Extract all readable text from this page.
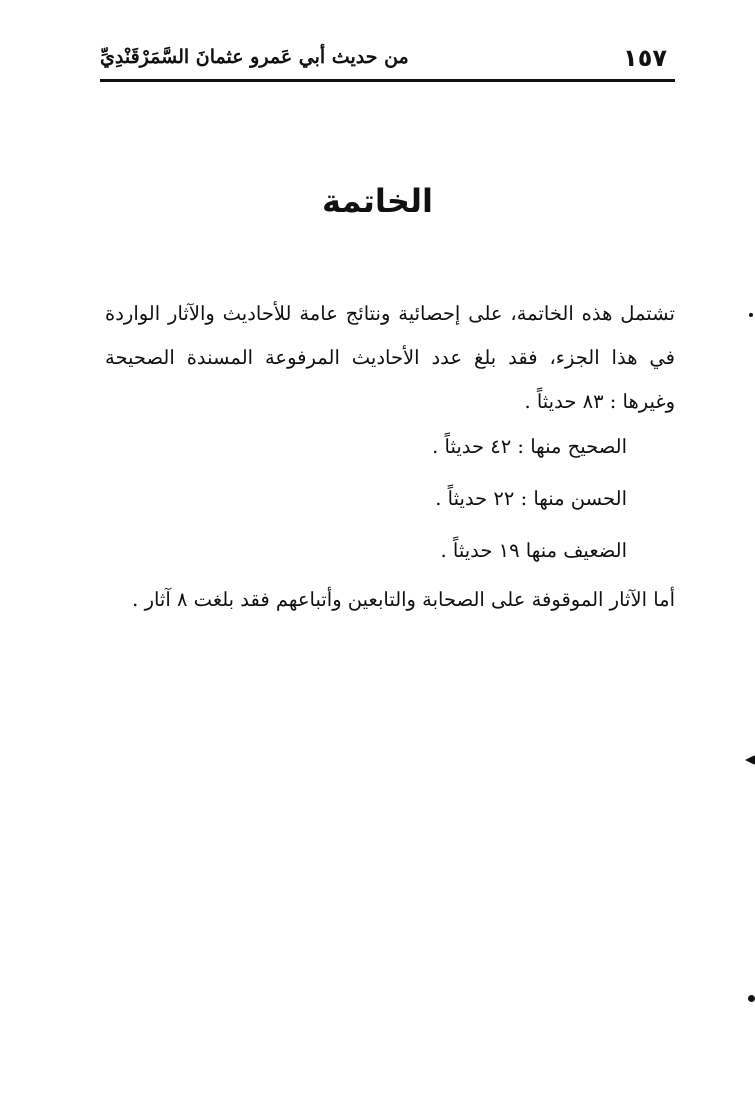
١٥٧
من حديث أبي عَمرو عثمانَ السَّمَرْقَنْدِيِّ
الخاتمة

تشتمل هذه الخاتمة، على إحصائية ونتائج عامة للأحاديث والآثار الواردة في هذا الجزء، فقد بلغ عدد الأحاديث المرفوعة المسندة الصحيحة وغيرها : ٨٣ حديثاً .

الصحيح منها : ٤٢ حديثاً .
الحسن منها : ٢٢ حديثاً .
الضعيف منها ١٩ حديثاً .

أما الآثار الموقوفة على الصحابة والتابعين وأتباعهم فقد بلغت ٨ آثار .
